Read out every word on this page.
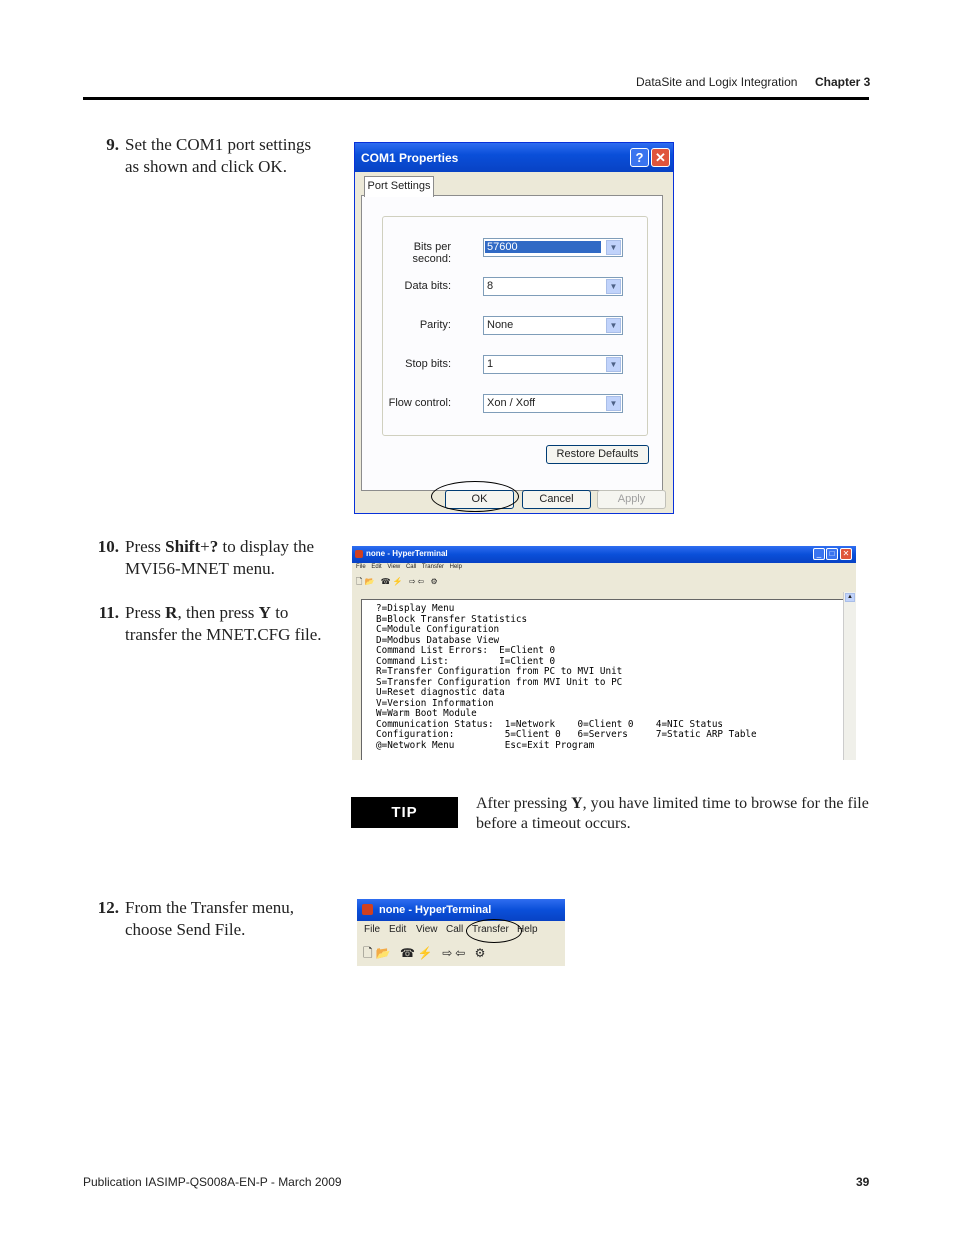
DataSite and Logix Integration Chapter 3
9. Set the COM1 port settings as shown and click OK.
10. Press Shift+? to display the MVI56-MNET menu.
11. Press R, then press Y to transfer the MNET.CFG file.
12. From the Transfer menu, choose Send File.
COM1 Properties	? ✕
Port Settings
Bits per second:
57600	▼
Data bits:	8	▼
Parity:	None	▼
Stop bits:	1	▼
Flow control:	Xon / Xoff	▼
Restore Defaults
OK	Cancel	Apply
none - HyperTerminal	_	□	✕
File Edit View Call Transfer Help
🗋📂 ☎⚡ ⇨⇦ ⚙
?=Display Menu
B=Block Transfer Statistics
C=Module Configuration
D=Modbus Database View
Command List Errors:  E=Client 0
Command List:         I=Client 0
R=Transfer Configuration from PC to MVI Unit
S=Transfer Configuration from MVI Unit to PC
U=Reset diagnostic data
V=Version Information
W=Warm Boot Module
Communication Status:  1=Network    0=Client 0    4=NIC Status
Configuration:         5=Client 0   6=Servers     7=Static ARP Table
@=Network Menu         Esc=Exit Program
▲
TIP
After pressing Y, you have limited time to browse for the file before a timeout occurs.
none - HyperTerminal
File Edit View Call Transfer Help
🗋📂 ☎⚡ ⇨⇦ ⚙
Publication IASIMP-QS008A-EN-P - March 2009	39
